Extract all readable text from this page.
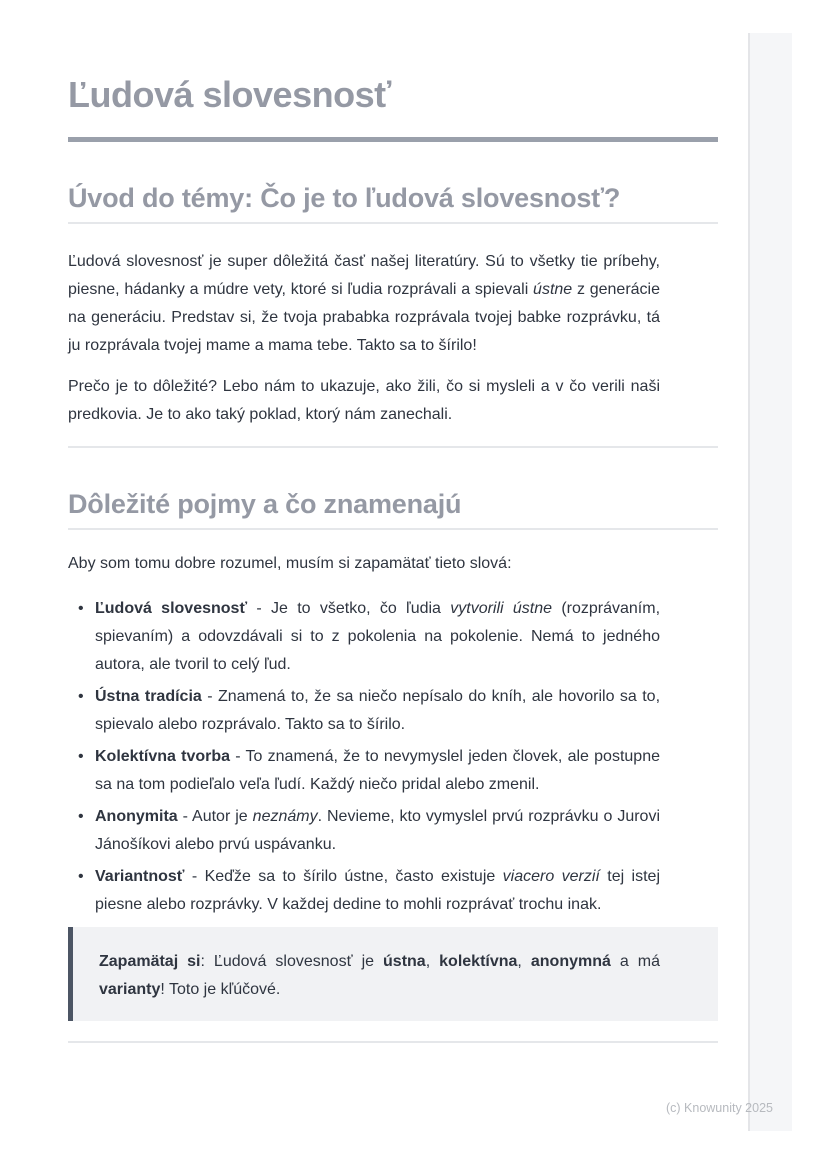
Ľudová slovesnosť
Úvod do témy: Čo je to ľudová slovesnosť?

Ľudová slovesnosť je super dôležitá časť našej literatúry. Sú to všetky tie príbehy, piesne, hádanky a múdre vety, ktoré si ľudia rozprávali a spievali ústne z generácie na generáciu. Predstav si, že tvoja prababka rozprávala tvojej babke rozprávku, tá ju rozprávala tvojej mame a mama tebe. Takto sa to šírilo!

Prečo je to dôležité? Lebo nám to ukazuje, ako žili, čo si mysleli a v čo verili naši predkovia. Je to ako taký poklad, ktorý nám zanechali.

Dôležité pojmy a čo znamenajú

Aby som tomu dobre rozumel, musím si zapamätať tieto slová:

• Ľudová slovesnosť - Je to všetko, čo ľudia vytvorili ústne (rozprávaním, spievaním) a odovzdávali si to z pokolenia na pokolenie. Nemá to jedného autora, ale tvoril to celý ľud.
• Ústna tradícia - Znamená to, že sa niečo nepísalo do kníh, ale hovorilo sa to, spievalo alebo rozprávalo. Takto sa to šírilo.
• Kolektívna tvorba - To znamená, že to nevymyslel jeden človek, ale postupne sa na tom podieľalo veľa ľudí. Každý niečo pridal alebo zmenil.
• Anonymita - Autor je neznámy. Nevieme, kto vymyslel prvú rozprávku o Jurovi Jánošíkovi alebo prvú uspávanku.
• Variantnosť - Keďže sa to šírilo ústne, často existuje viacero verzií tej istej piesne alebo rozprávky. V každej dedine to mohli rozprávať trochu inak.

Zapamätaj si: Ľudová slovesnosť je ústna, kolektívna, anonymná a má varianty! Toto je kľúčové.

(c) Knowunity 2025
